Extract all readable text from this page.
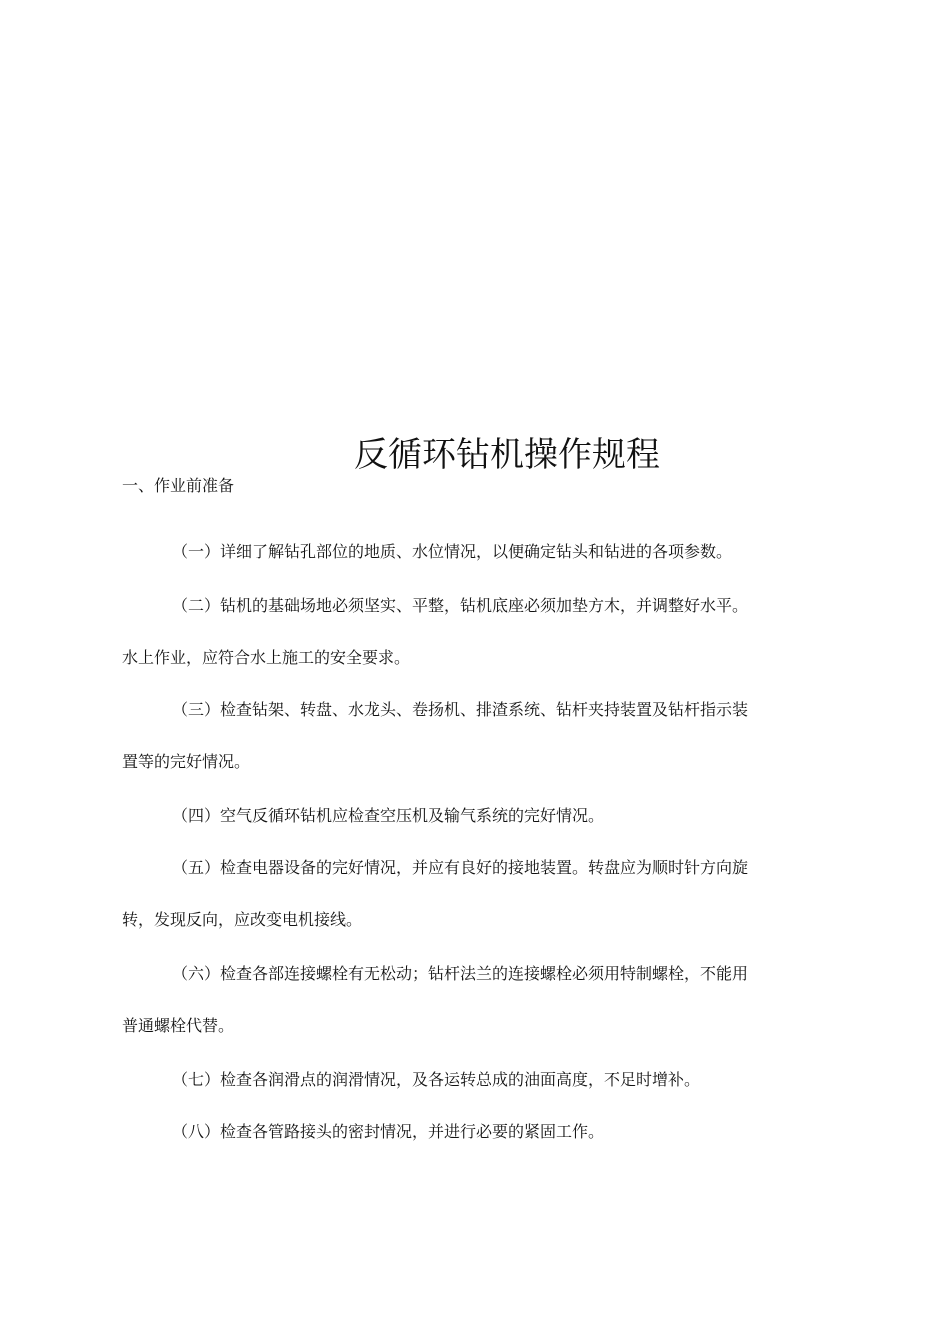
反循环钻机操作规程
一、作业前准备
（一）详细了解钻孔部位的地质、水位情况，以便确定钻头和钻进的各项参数。
（二）钻机的基础场地必须坚实、平整，钻机底座必须加垫方木，并调整好水平。
水上作业，应符合水上施工的安全要求。
（三）检查钻架、转盘、水龙头、卷扬机、排渣系统、钻杆夹持装置及钻杆指示装
置等的完好情况。
（四）空气反循环钻机应检查空压机及输气系统的完好情况。
（五）检查电器设备的完好情况，并应有良好的接地装置。转盘应为顺时针方向旋
转，发现反向，应改变电机接线。
（六）检查各部连接螺栓有无松动；钻杆法兰的连接螺栓必须用特制螺栓，不能用
普通螺栓代替。
（七）检查各润滑点的润滑情况，及各运转总成的油面高度，不足时增补。
（八）检查各管路接头的密封情况，并进行必要的紧固工作。
